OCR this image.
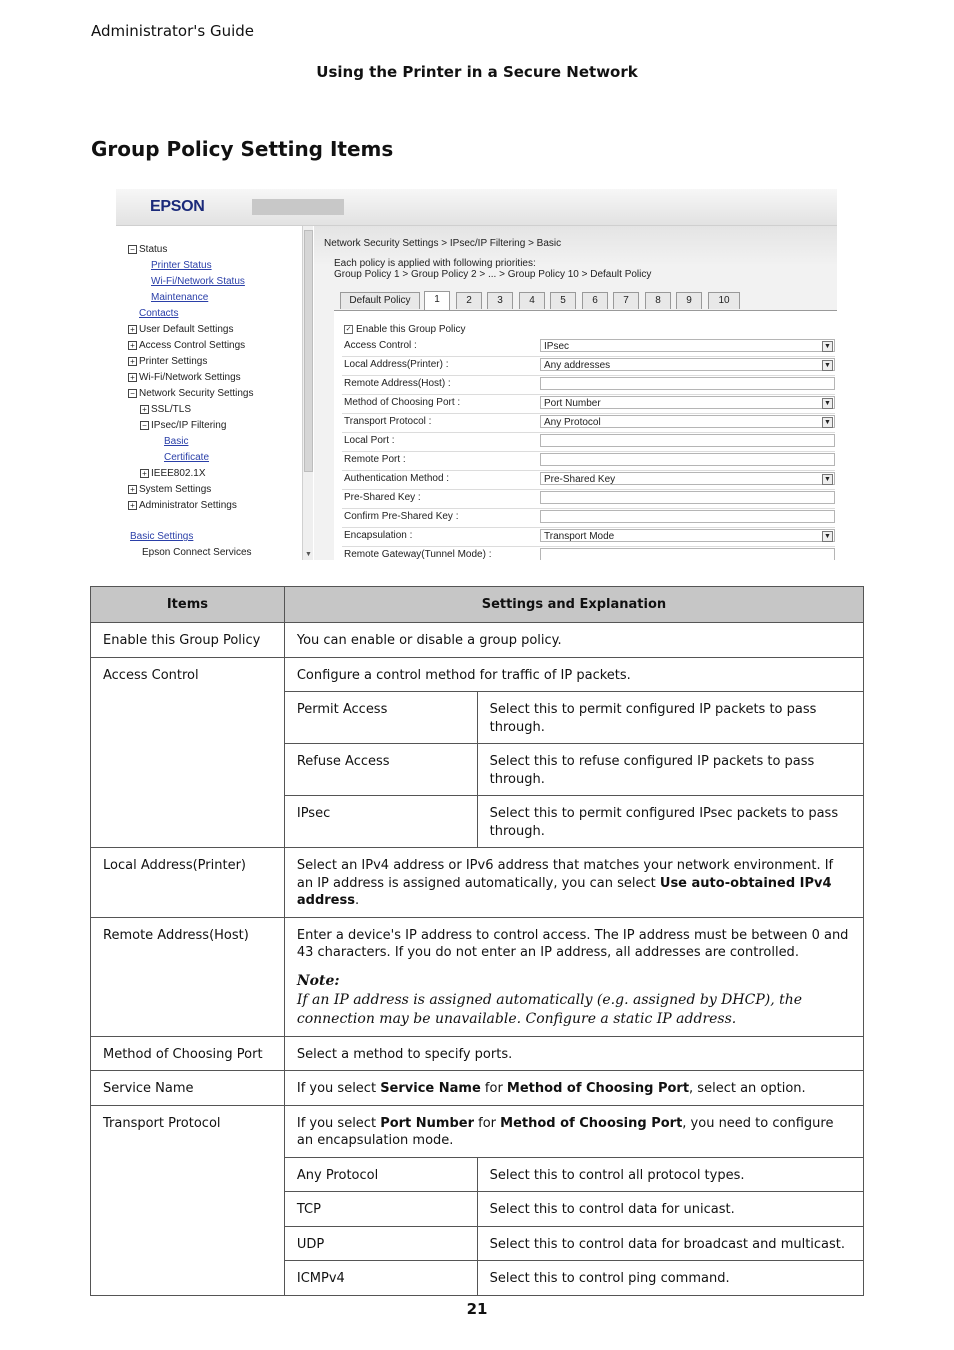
Administrator's Guide
Using the Printer in a Secure Network
Group Policy Setting Items
EPSON
− Status
Printer Status
Wi-Fi/Network Status
Maintenance
Contacts
+ User Default Settings
+ Access Control Settings
+ Printer Settings
+ Wi-Fi/Network Settings
− Network Security Settings
+ SSL/TLS
− IPsec/IP Filtering
Basic
Certificate
+ IEEE802.1X
+ System Settings
+ Administrator Settings
Basic Settings
Epson Connect Services	▼
Network Security Settings > IPsec/IP Filtering > Basic
Each policy is applied with following priorities:
Group Policy 1 > Group Policy 2 > ... > Group Policy 10 > Default Policy
Default Policy	1	2	3	4	5	6	7	8	9	10
✓ Enable this Group Policy
Access Control :	IPsec	▼
Local Address(Printer) :	Any addresses	▼
Remote Address(Host) :
Method of Choosing Port :	Port Number	▼
Transport Protocol :	Any Protocol	▼
Local Port :
Remote Port :
Authentication Method :	Pre-Shared Key	▼
Pre-Shared Key :
Confirm Pre-Shared Key :
Encapsulation :	Transport Mode	▼
Remote Gateway(Tunnel Mode) :
Items	Settings and Explanation	
Enable this Group Policy	You can enable or disable a group policy.	
Access Control	Configure a control method for traffic of IP packets.	
	Permit Access	Select this to permit configured IP packets to pass through.
	Refuse Access	Select this to refuse configured IP packets to pass through.
	IPsec	Select this to permit configured IPsec packets to pass through.
Local Address(Printer)	Select an IPv4 address or IPv6 address that matches your network environment. If an IP address is assigned automatically, you can select Use auto-obtained IPv4 address.	
Remote Address(Host)	Enter a device's IP address to control access. The IP address must be between 0 and 43 characters. If you do not enter an IP address, all addresses are controlled.
Note:
If an IP address is assigned automatically (e.g. assigned by DHCP), the connection may be unavailable. Configure a static IP address.	

Method of Choosing Port	Select a method to specify ports.	
Service Name	If you select Service Name for Method of Choosing Port, select an option.	
Transport Protocol	If you select Port Number for Method of Choosing Port, you need to configure an encapsulation mode.	
	Any Protocol	Select this to control all protocol types.
	TCP	Select this to control data for unicast.
	UDP	Select this to control data for broadcast and multicast.
	ICMPv4	Select this to control ping command.
21
